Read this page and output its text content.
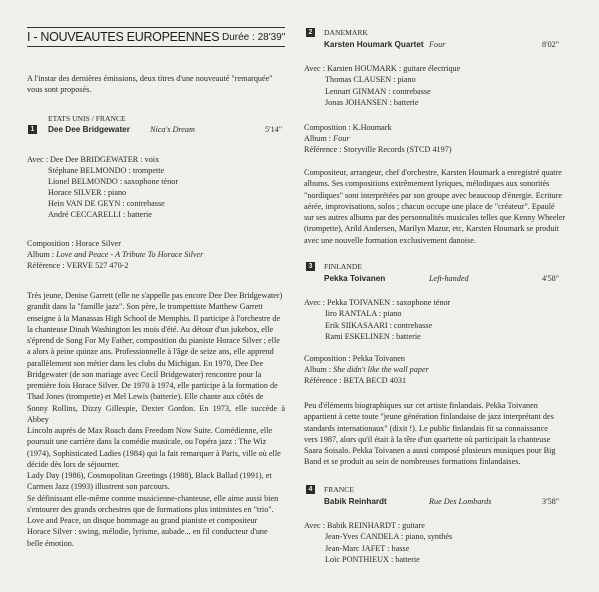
I - NOUVEAUTES EUROPEENNES Durée : 28'39"
A l'instar des dernières émissions, deux titres d'une nouveauté "remarquée"
vous sont proposés.
ETATS UNIS / FRANCE
1	Dee Dee Bridgewater Nica's Dream	5'14"
Avec : Dee Dee BRIDGEWATER : voix
Stéphane BELMONDO : trompette
Lionel BELMONDO : saxophone ténor
Horace SILVER : piano
Hein VAN DE GEYN : contrebasse
André CECCARELLI : batterie
Composition : Horace Silver
Album : Love and Peace - A Tribute To Horace Silver
Référence : VERVE 527 470-2
Très jeune, Denise Garrett (elle ne s'appelle pas encore Dee Dee Bridgewater)
grandit dans la "famille jazz". Son père, le trompettiste Matthew Garrett
enseigne à la Manassas High School de Memphis. Il participe à l'orchestre de
la chanteuse Dinah Washington les mois d'été. Au détour d'un jukebox, elle
s'éprend de Song For My Father, composition du pianiste Horace Silver ; elle
a alors à peine quinze ans. Professionnelle à l'âge de seize ans, elle apprend
parallèlement son métier dans les clubs du Michigan. En 1970, Dee Dee
Bridgewater (de son mariage avec Cecil Bridgewater) rencontre pour la
première fois Horace Silver. De 1970 à 1974, elle participe à la formation de
Thad Jones (trompette) et Mel Lewis (batterie). Elle chante aux côtés de
Sonny Rollins, Dizzy Gillespie, Dexter Gordon. En 1973, elle succède à Abbey
Lincoln auprès de Max Roach dans Freedom Now Suite. Comédienne, elle
poursuit une carrière dans la comédie musicale, ou l'opéra jazz : The Wiz
(1974), Sophisticated Ladies (1984) qui la fait remarquer à Paris, ville où elle
décide dès lors de séjourner.
Lady Day (1986), Cosmopolitan Greetings (1988), Black Ballad (1991), et
Carmen Jazz (1993) illustrent son parcours.
Se définissant elle-même comme musicienne-chanteuse, elle aime aussi bien
s'entourer des grands orchestres que de formations plus intimistes en "trio".
Love and Peace, un disque hommage au grand pianiste et compositeur
Horace Silver : swing, mélodie, lyrisme, aubade... en fil conducteur d'une
belle émotion.
2	DANEMARK
Karsten Houmark Quartet Four	8'02"
Avec : Karsten HOUMARK : guitare électrique
Thomas CLAUSEN : piano
Lennart GINMAN : contrebasse
Jonas JOHANSEN : batterie
Composition : K.Houmark
Album : Four
Référence : Storyville Records (STCD 4197)
Compositeur, arrangeur, chef d'orchestre, Karsten Houmark a enregistré quatre
albums. Ses compositions extrêmement lyriques, mélodiques aux sonorités
"nordiques" sont interprétées par son groupe avec beaucoup d'énergie. Ecriture
aérée, improvisations, solos ; chacun occupe une place de "créateur". Epaulé
sur ses autres albums par des personnalités musicales telles que Kenny Wheeler
(trompette), Arild Andersen, Marilyn Mazur, etc, Karsten Houmark se produit
avec une nouvelle formation exclusivement danoise.
3	FINLANDE
Pekka Toivanen	Left-handed	4'58"
Avec : Pekka TOIVANEN : saxophone ténor
Iiro RANTALA : piano
Erik SIIKASAARI : contrebasse
Rami ESKELINEN : batterie
Composition : Pekka Toivanen
Album : She didn't like the wall paper
Référence : BETA BECD 4031
Peu d'éléments biographiques sur cet artiste finlandais. Pekka Toivanen
appartient à cette toute "jeune génération finlandaise de jazz interprétant des
standards internationaux" (dixit !). Le public finlandais fit sa connaissance
vers 1987, alors qu'il était à la tête d'un quartette où participait la chanteuse
Saara Soisalo. Pekka Toivanen a aussi composé plusieurs musiques pour Big
Band et se produit au sein de nombreuses formations finlandaises.
4	FRANCE
Babik Reinhardt	Rue Des Lombards	3'58"
Avec : Babik REINHARDT : guitare
Jean-Yves CANDELA : piano, synthés
Jean-Marc JAFET : basse
Loïc PONTHIEUX : batterie
